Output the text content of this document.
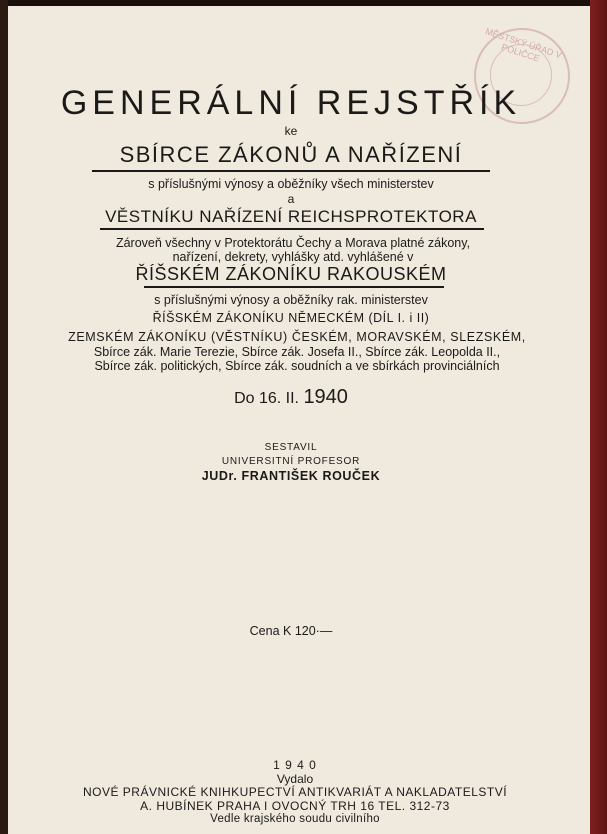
MĚSTSKÝ ÚŘAD V POLIČCE
GENERÁLNÍ REJSTŘÍK
ke
SBÍRCE ZÁKONŮ A NAŘÍZENÍ
s příslušnými výnosy a oběžníky všech ministerstev
a
VĚSTNÍKU NAŘÍZENÍ REICHSPROTEKTORA
Zároveň všechny v Protektorátu Čechy a Morava platné zákony,
nařízení, dekrety, vyhlášky atd. vyhlášené v
ŘÍŠSKÉM ZÁKONÍKU RAKOUSKÉM
s příslušnými výnosy a oběžníky rak. ministerstev
ŘÍŠSKÉM ZÁKONÍKU NĚMECKÉM (DÍL I. i II)
ZEMSKÉM ZÁKONÍKU (VĚSTNÍKU) ČESKÉM, MORAVSKÉM, SLEZSKÉM,
Sbírce zák. Marie Terezie, Sbírce zák. Josefa II., Sbírce zák. Leopolda II.,
Sbírce zák. politických, Sbírce zák. soudních a ve sbírkách provinciálních
Do 16. II. 1940
SESTAVIL
UNIVERSITNÍ PROFESOR
JUDr. FRANTIŠEK ROUČEK
Cena K 120·—
1 9 4 0
Vydalo
NOVÉ PRÁVNICKÉ KNIHKUPECTVÍ ANTIKVARIÁT A NAKLADATELSTVÍ
A. HUBÍNEK PRAHA I OVOCNÝ TRH 16 TEL. 312-73
Vedle krajského soudu civilního
